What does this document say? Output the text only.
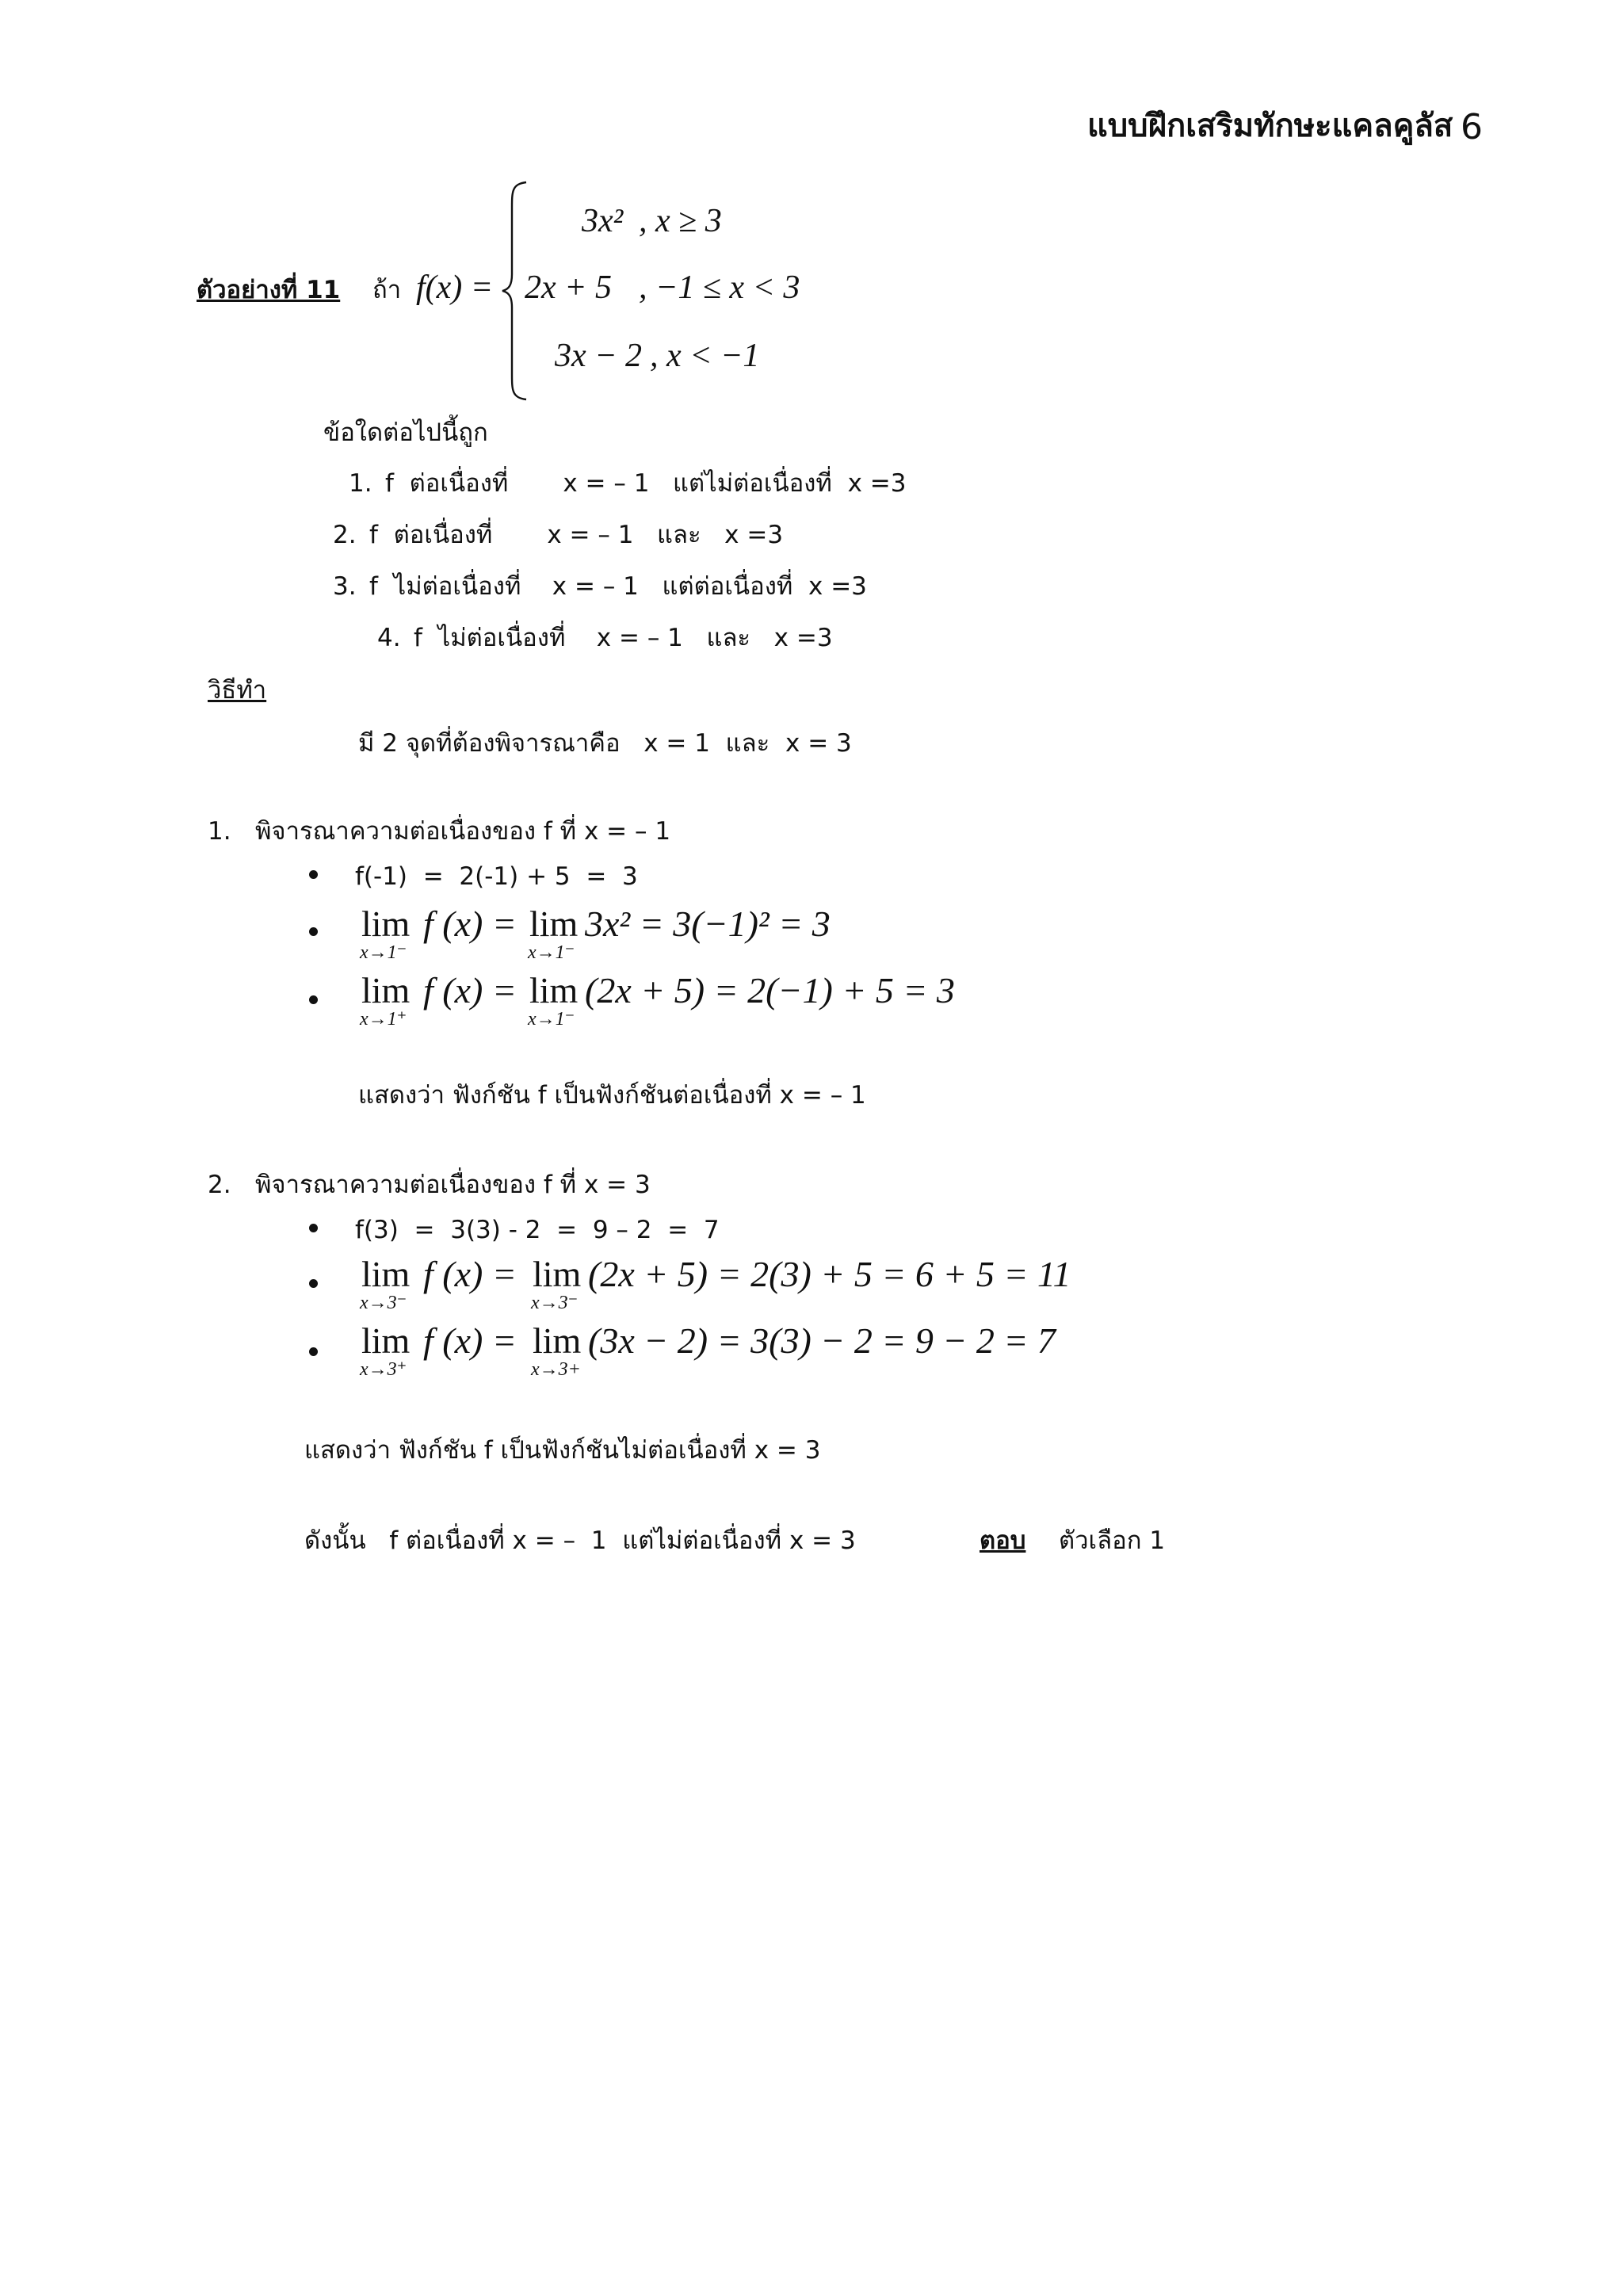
แบบฝึกเสริมทักษะแคลคูลัส 6
ตัวอย่างที่ 11 ถ้า f(x) =
3x² , x ≥ 3
2x + 5 , −1 ≤ x < 3
3x − 2 , x < −1
ข้อใดต่อไปนี้ถูก
1. f  ต่อเนื่องที่       x = – 1   แต่ไม่ต่อเนื่องที่  x =3
2. f  ต่อเนื่องที่       x = – 1   และ   x =3
3. f  ไม่ต่อเนื่องที่    x = – 1   แต่ต่อเนื่องที่  x =3
4. f  ไม่ต่อเนื่องที่    x = – 1   และ   x =3
วิธีทำ
มี 2 จุดที่ต้องพิจารณาคือ   x = 1  และ  x = 3
1. พิจารณาความต่อเนื่องของ f ที่ x = – 1
f(-1)  =  2(-1) + 5  =  3
lim
x→1⁻
f (x) = lim
x→1⁻
3x² = 3(−1)² = 3
lim
x→1⁺
f (x) = lim
x→1⁻
(2x + 5) = 2(−1) + 5 = 3
แสดงว่า ฟังก์ชัน f เป็นฟังก์ชันต่อเนื่องที่ x = – 1
2. พิจารณาความต่อเนื่องของ f ที่ x = 3
f(3)  =  3(3) - 2  =  9 – 2  =  7
lim
x→3⁻
f (x) = lim
x→3⁻
(2x + 5) = 2(3) + 5 = 6 + 5 = 11
lim
x→3⁺
f (x) = lim
x→3+
(3x − 2) = 3(3) − 2 = 9 − 2 = 7
แสดงว่า ฟังก์ชัน f เป็นฟังก์ชันไม่ต่อเนื่องที่ x = 3
ดังนั้น   f ต่อเนื่องที่ x = –  1  แต่ไม่ต่อเนื่องที่ x = 3	ตอบ ตัวเลือก 1
